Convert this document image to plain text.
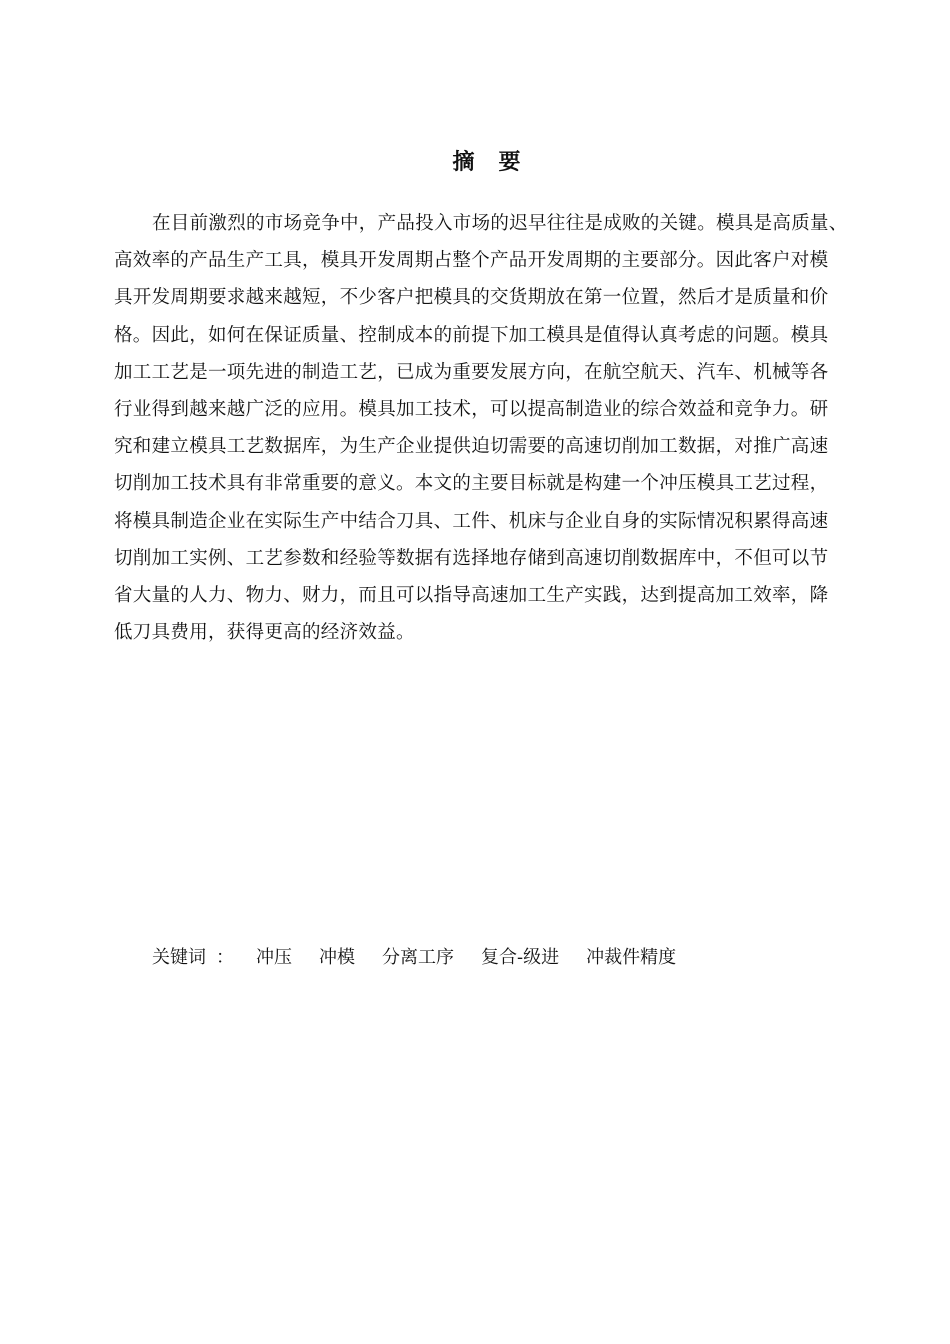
摘 要
在目前激烈的市场竞争中，产品投入市场的迟早往往是成败的关键。模具是高质量、
高效率的产品生产工具，模具开发周期占整个产品开发周期的主要部分。因此客户对模
具开发周期要求越来越短，不少客户把模具的交货期放在第一位置，然后才是质量和价
格。因此，如何在保证质量、控制成本的前提下加工模具是值得认真考虑的问题。模具
加工工艺是一项先进的制造工艺，已成为重要发展方向，在航空航天、汽车、机械等各
行业得到越来越广泛的应用。模具加工技术，可以提高制造业的综合效益和竞争力。研
究和建立模具工艺数据库，为生产企业提供迫切需要的高速切削加工数据，对推广高速
切削加工技术具有非常重要的意义。本文的主要目标就是构建一个冲压模具工艺过程，
将模具制造企业在实际生产中结合刀具、工件、机床与企业自身的实际情况积累得高速
切削加工实例、工艺参数和经验等数据有选择地存储到高速切削数据库中，不但可以节
省大量的人力、物力、财力，而且可以指导高速加工生产实践，达到提高加工效率，降
低刀具费用，获得更高的经济效益。
关键词 ： 冲压 冲模 分离工序 复合-级进 冲裁件精度
